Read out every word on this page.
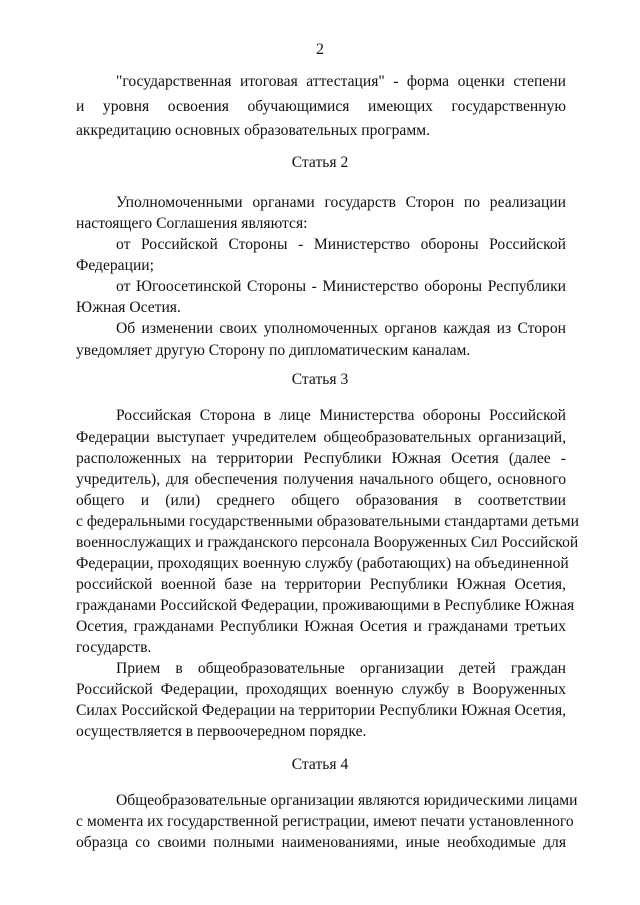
2
"государственная итоговая аттестация" - форма оценки степени
и уровня освоения обучающимися имеющих государственную
аккредитацию основных образовательных программ.
Статья 2
Уполномоченными органами государств Сторон по реализации
настоящего Соглашения являются:
от Российской Стороны - Министерство обороны Российской
Федерации;
от Югоосетинской Стороны - Министерство обороны Республики
Южная Осетия.
Об изменении своих уполномоченных органов каждая из Сторон
уведомляет другую Сторону по дипломатическим каналам.
Статья 3
Российская Сторона в лице Министерства обороны Российской
Федерации выступает учредителем общеобразовательных организаций,
расположенных на территории Республики Южная Осетия (далее -
учредитель), для обеспечения получения начального общего, основного
общего и (или) среднего общего образования в соответствии
с федеральными государственными образовательными стандартами детьми
военнослужащих и гражданского персонала Вооруженных Сил Российской
Федерации, проходящих военную службу (работающих) на объединенной
российской военной базе на территории Республики Южная Осетия,
гражданами Российской Федерации, проживающими в Республике Южная
Осетия, гражданами Республики Южная Осетия и гражданами третьих
государств.
Прием в общеобразовательные организации детей граждан
Российской Федерации, проходящих военную службу в Вооруженных
Силах Российской Федерации на территории Республики Южная Осетия,
осуществляется в первоочередном порядке.
Статья 4
Общеобразовательные организации являются юридическими лицами
с момента их государственной регистрации, имеют печати установленного
образца со своими полными наименованиями, иные необходимые для
